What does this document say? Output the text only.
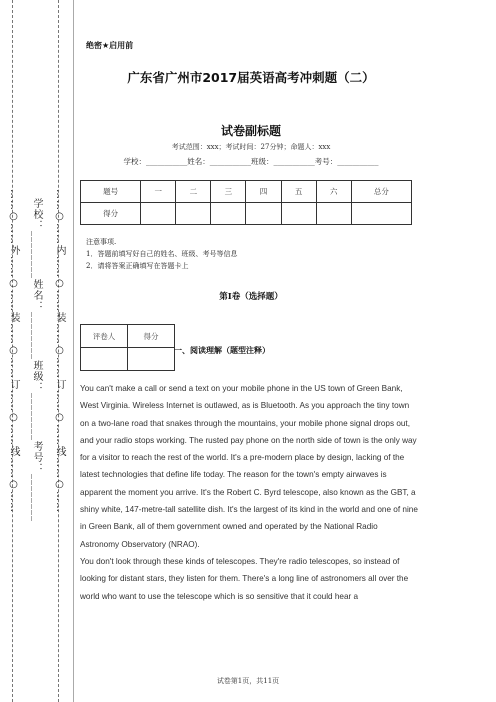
……○……外……○……装……○……订……○……线……○……	……○……内……○……装……○……订……○……线……○……
学校：________姓名：________班级：________考号：________
绝密★启用前
广东省广州市2017届英语高考冲刺题（二）
试卷副标题
考试范围：xxx；考试时间：27分钟；命题人：xxx
学校：___________姓名：___________班级：___________考号：___________
题号	一	二	三	四	五	六	总分
得分							
注意事项.
1．答题前填写好自己的姓名、班级、考号等信息
2．请将答案正确填写在答题卡上
第I卷（选择题）
评卷人	得分

一、阅读理解（题型注释）

You can't make a call or send a text on your mobile phone in the US town of Green Bank, West Virginia. Wireless Internet is outlawed, as is Bluetooth. As you approach the tiny town on a two-lane road that snakes through the mountains, your mobile phone signal drops out, and your radio stops working. The rusted pay phone on the north side of town is the only way for a visitor to reach the rest of the world. It's a pre-modern place by design, lacking of the latest technologies that define life today. The reason for the town's empty airwaves is apparent the moment you arrive. It's the Robert C. Byrd telescope, also known as the GBT, a shiny white, 147-metre-tall satellite dish. It's the largest of its kind in the world and one of nine in Green Bank, all of them government owned and operated by the National Radio Astronomy Observatory (NRAO).

You don't look through these kinds of telescopes. They're radio telescopes, so instead of looking for distant stars, they listen for them. There's a long line of astronomers all over the world who want to use the telescope which is so sensitive that it could hear a

试卷第1页，共11页
